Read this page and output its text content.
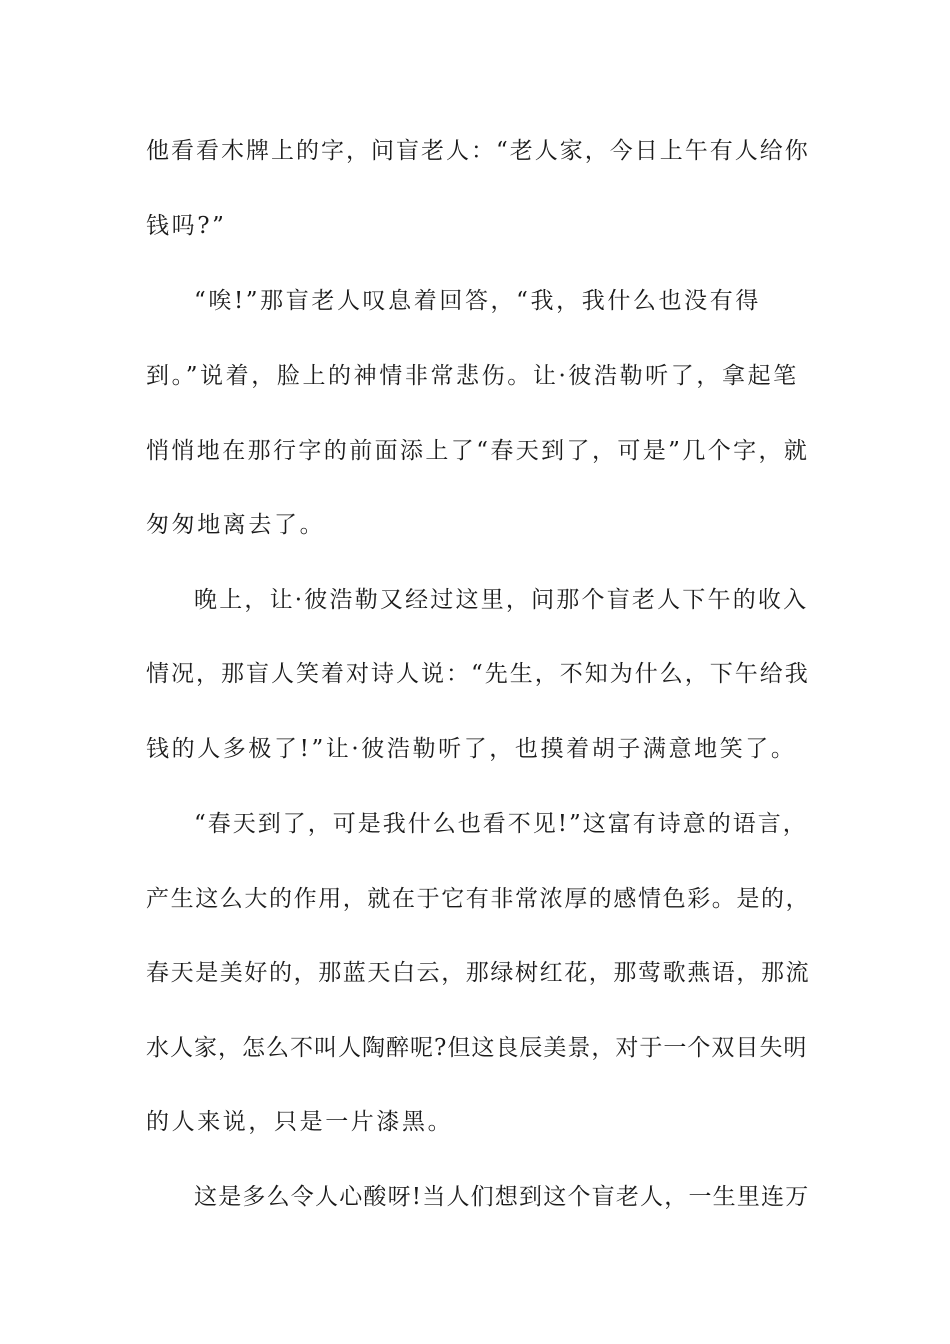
他看看木牌上的字，问盲老人：“老人家，今日上午有人给你
钱吗?”
“唉!”那盲老人叹息着回答，“我，我什么也没有得
到。”说着，脸上的神情非常悲伤。让·彼浩勒听了，拿起笔
悄悄地在那行字的前面添上了“春天到了，可是”几个字，就
匆匆地离去了。
晚上，让·彼浩勒又经过这里，问那个盲老人下午的收入
情况，那盲人笑着对诗人说：“先生，不知为什么，下午给我
钱的人多极了!”让·彼浩勒听了，也摸着胡子满意地笑了。
“春天到了，可是我什么也看不见!”这富有诗意的语言，
产生这么大的作用，就在于它有非常浓厚的感情色彩。是的，
春天是美好的，那蓝天白云，那绿树红花，那莺歌燕语，那流
水人家，怎么不叫人陶醉呢?但这良辰美景，对于一个双目失明
的人来说，只是一片漆黑。
这是多么令人心酸呀!当人们想到这个盲老人，一生里连万
